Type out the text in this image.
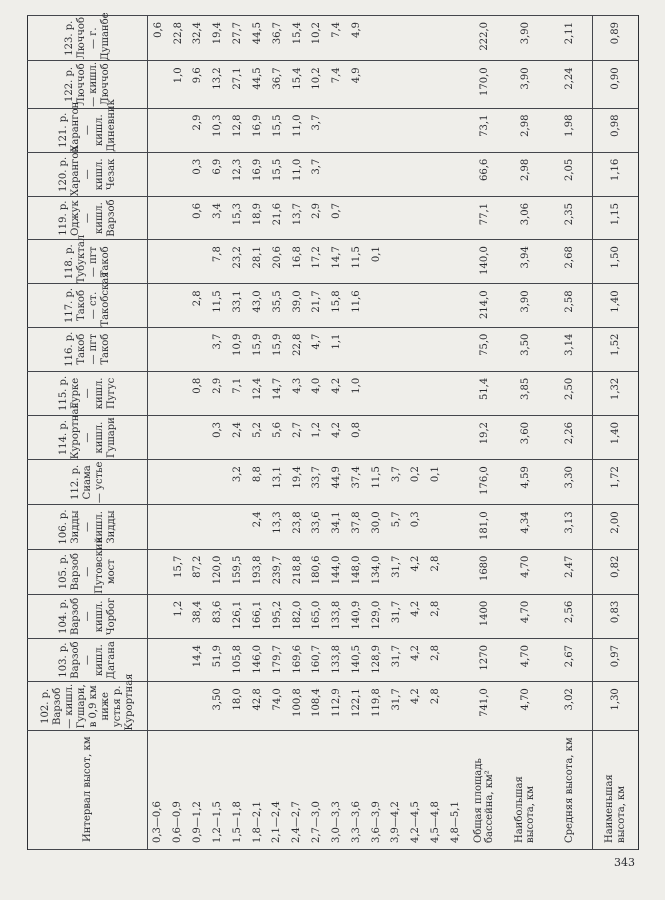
Интервал высот, км	102. р. Варзоб — кишл. Гушари, в 0,9 км ниже устья р. Курортная	103. р. Варзоб — кишл. Дагана	104. р. Варзоб — кишл. Чорбог	105. р. Варзоб — Путовский мост	106. р. Зидды — кишл. Зидды	112. р. Сиама — устье	114. р. Курортная — кишл. Гушари	115. р. Гурке — кишл. Пугус	116. р. Такоб — пгт Такоб	117. р. Такоб — ст. Такобская	118. р. Тубуктал — пгт Такоб	119. р. Оджук — кишл. Варзоб	120. р. Харангон — кишл. Чезак	121. р. Харангон — кишл. Диневник	122. р. Люччоб — кишл. Люччоб	123. р. Люччоб — г. Душанбе
0,3—0,6																0,6
0,6—0,9			1,2	15,7											1,0	22,8
0,9—1,2		14,4	38,4	87,2				0,8		2,8		0,6	0,3	2,9	9,6	32,4
1,2—1,5	3,50	51,9	83,6	120,0			0,3	2,9	3,7	11,5	7,8	3,4	6,9	10,3	13,2	19,4
1,5—1,8	18,0	105,8	126,1	159,5		3,2	2,4	7,1	10,9	33,1	23,2	15,3	12,3	12,8	27,1	27,7
1,8—2,1	42,8	146,0	166,1	193,8	2,4	8,8	5,2	12,4	15,9	43,0	28,1	18,9	16,9	16,9	44,5	44,5
2,1—2,4	74,0	179,7	195,2	239,7	13,3	13,1	5,6	14,7	15,9	35,5	20,6	21,6	15,5	15,5	36,7	36,7
2,4—2,7	100,8	169,6	182,0	218,8	23,8	19,4	2,7	4,3	22,8	39,0	16,8	13,7	11,0	11,0	15,4	15,4
2,7—3,0	108,4	160,7	165,0	180,6	33,6	33,7	1,2	4,0	4,7	21,7	17,2	2,9	3,7	3,7	10,2	10,2
3,0—3,3	112,9	133,8	133,8	144,0	34,1	44,9	4,2	4,2	1,1	15,8	14,7	0,7			7,4	7,4
3,3—3,6	122,1	140,5	140,9	148,0	37,8	37,4	0,8	1,0		11,6	11,5				4,9	4,9
3,6—3,9	119,8	128,9	129,0	134,0	30,0	11,5					0,1					
3,9—4,2	31,7	31,7	31,7	31,7	5,7	3,7										
4,2—4,5	4,2	4,2	4,2	4,2	0,3	0,2										
4,5—4,8	2,8	2,8	2,8	2,8		0,1										
4,8—5,1																
Общая площадь бассейна, км²	741,0	1270	1400	1680	181,0	176,0	19,2	51,4	75,0	214,0	140,0	77,1	66,6	73,1	170,0	222,0
Наибольшая высота, км	4,70	4,70	4,70	4,70	4,34	4,59	3,60	3,85	3,50	3,90	3,94	3,06	2,98	2,98	3,90	3,90
Средняя высота, км	3,02	2,67	2,56	2,47	3,13	3,30	2,26	2,50	3,14	2,58	2,68	2,35	2,05	1,98	2,24	2,11
Наименьшая высота, км	1,30	0,97	0,83	0,82	2,00	1,72	1,40	1,32	1,52	1,40	1,50	1,15	1,16	0,98	0,90	0,89
343
